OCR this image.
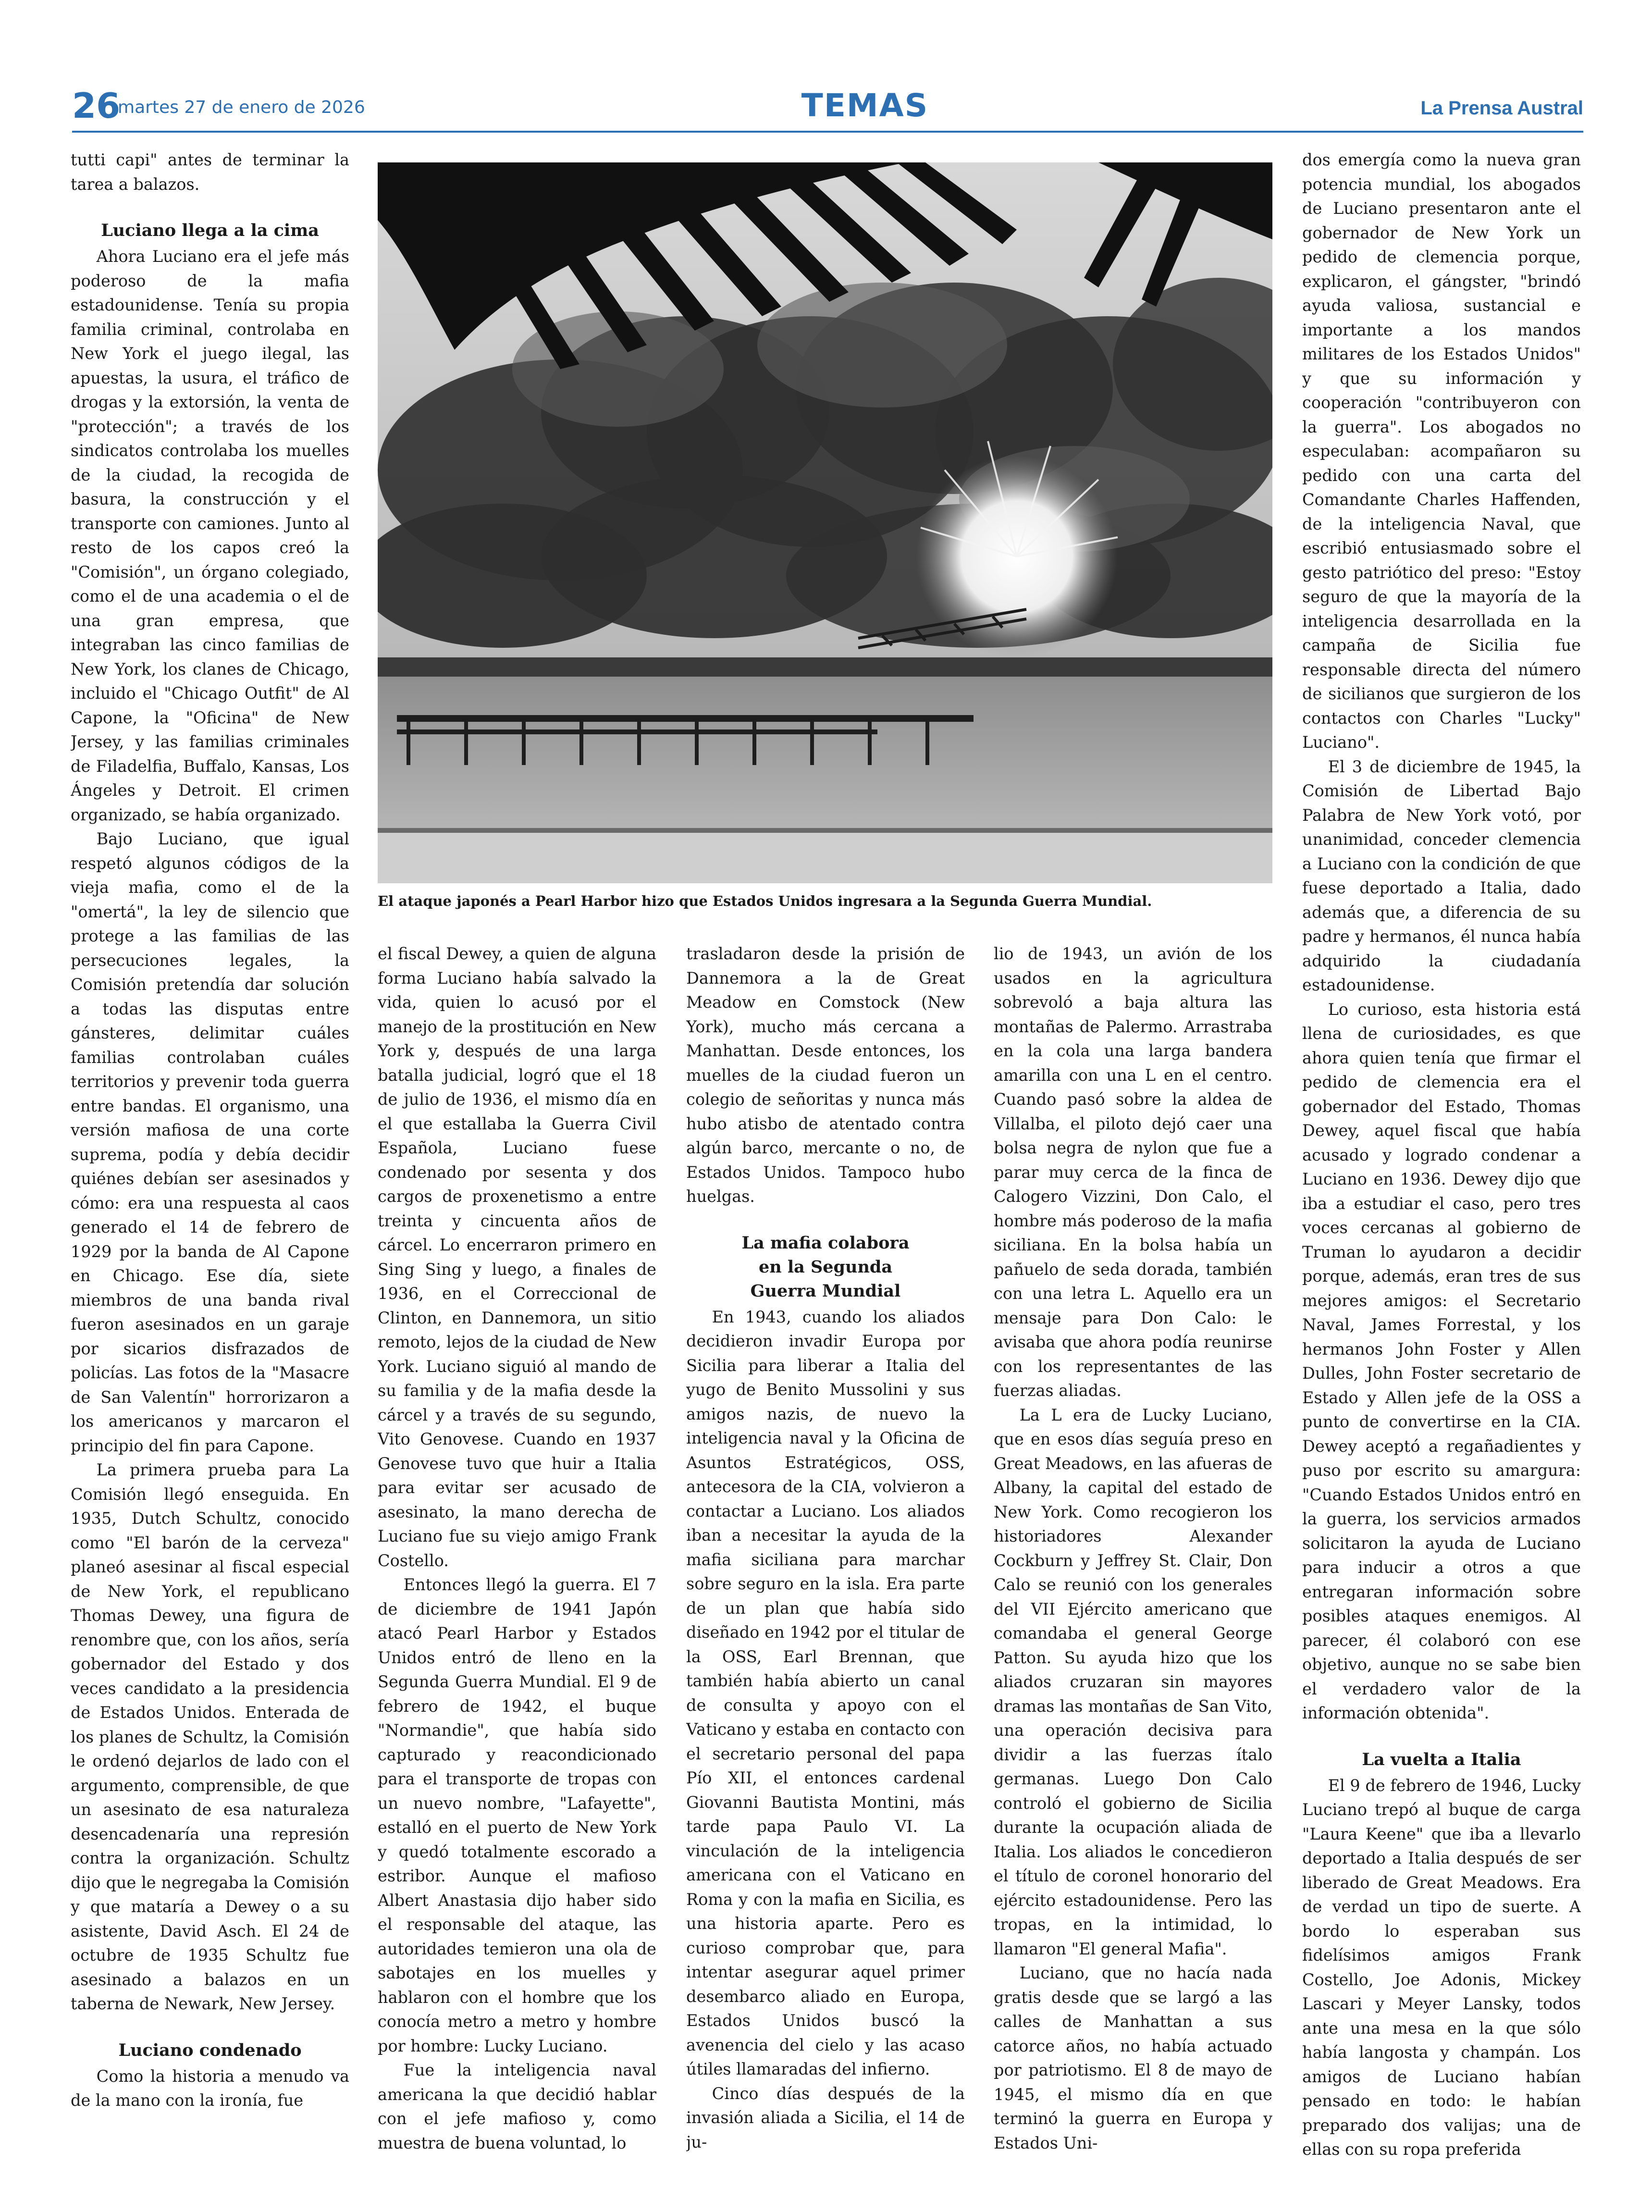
26
martes 27 de enero de 2026	TEMAS	La Prensa Austral

tutti capi" antes de terminar la tarea a balazos.

Luciano llega a la cima

Ahora Luciano era el jefe más poderoso de la mafia estadounidense. Tenía su propia familia criminal, controlaba en New York el juego ilegal, las apuestas, la usura, el tráfico de drogas y la extorsión, la venta de "protección"; a través de los sindicatos controlaba los muelles de la ciudad, la recogida de basura, la construcción y el transporte con camiones. Junto al resto de los capos creó la "Comisión", un órgano colegiado, como el de una academia o el de una gran empresa, que integraban las cinco familias de New York, los clanes de Chicago, incluido el "Chicago Outfit" de Al Capone, la "Oficina" de New Jersey, y las familias criminales de Filadelfia, Buffalo, Kansas, Los Ángeles y Detroit. El crimen organizado, se había organizado.

Bajo Luciano, que igual respetó algunos códigos de la vieja mafia, como el de la "omertá", la ley de silencio que protege a las familias de las persecuciones legales, la Comisión pretendía dar solución a todas las disputas entre gánsteres, delimitar cuáles familias controlaban cuáles territorios y prevenir toda guerra entre bandas. El organismo, una versión mafiosa de una corte suprema, podía y debía decidir quiénes debían ser asesinados y cómo: era una respuesta al caos generado el 14 de febrero de 1929 por la banda de Al Capone en Chicago. Ese día, siete miembros de una banda rival fueron asesinados en un garaje por sicarios disfrazados de policías. Las fotos de la "Masacre de San Valentín" horrorizaron a los americanos y marcaron el principio del fin para Capone.

La primera prueba para La Comisión llegó enseguida. En 1935, Dutch Schultz, conocido como "El barón de la cerveza" planeó asesinar al fiscal especial de New York, el republicano Thomas Dewey, una figura de renombre que, con los años, sería gobernador del Estado y dos veces candidato a la presidencia de Estados Unidos. Enterada de los planes de Schultz, la Comisión le ordenó dejarlos de lado con el argumento, comprensible, de que un asesinato de esa naturaleza desencadenaría una represión contra la organización. Schultz dijo que le negregaba la Comisión y que mataría a Dewey o a su asistente, David Asch. El 24 de octubre de 1935 Schultz fue asesinado a balazos en un taberna de Newark, New Jersey.

Luciano condenado

Como la historia a menudo va de la mano con la ironía, fue

El ataque japonés a Pearl Harbor hizo que Estados Unidos ingresara a la Segunda Guerra Mundial.

el fiscal Dewey, a quien de alguna forma Luciano había salvado la vida, quien lo acusó por el manejo de la prostitución en New York y, después de una larga batalla judicial, logró que el 18 de julio de 1936, el mismo día en el que estallaba la Guerra Civil Española, Luciano fuese condenado por sesenta y dos cargos de proxenetismo a entre treinta y cincuenta años de cárcel. Lo encerraron primero en Sing Sing y luego, a finales de 1936, en el Correccional de Clinton, en Dannemora, un sitio remoto, lejos de la ciudad de New York. Luciano siguió al mando de su familia y de la mafia desde la cárcel y a través de su segundo, Vito Genovese. Cuando en 1937 Genovese tuvo que huir a Italia para evitar ser acusado de asesinato, la mano derecha de Luciano fue su viejo amigo Frank Costello.

Entonces llegó la guerra. El 7 de diciembre de 1941 Japón atacó Pearl Harbor y Estados Unidos entró de lleno en la Segunda Guerra Mundial. El 9 de febrero de 1942, el buque "Normandie", que había sido capturado y reacondicionado para el transporte de tropas con un nuevo nombre, "Lafayette", estalló en el puerto de New York y quedó totalmente escorado a estribor. Aunque el mafioso Albert Anastasia dijo haber sido el responsable del ataque, las autoridades temieron una ola de sabotajes en los muelles y hablaron con el hombre que los conocía metro a metro y hombre por hombre: Lucky Luciano.

Fue la inteligencia naval americana la que decidió hablar con el jefe mafioso y, como muestra de buena voluntad, lo

trasladaron desde la prisión de Dannemora a la de Great Meadow en Comstock (New York), mucho más cercana a Manhattan. Desde entonces, los muelles de la ciudad fueron un colegio de señoritas y nunca más hubo atisbo de atentado contra algún barco, mercante o no, de Estados Unidos. Tampoco hubo huelgas.

La mafia colabora
en la Segunda
Guerra Mundial

En 1943, cuando los aliados decidieron invadir Europa por Sicilia para liberar a Italia del yugo de Benito Mussolini y sus amigos nazis, de nuevo la inteligencia naval y la Oficina de Asuntos Estratégicos, OSS, antecesora de la CIA, volvieron a contactar a Luciano. Los aliados iban a necesitar la ayuda de la mafia siciliana para marchar sobre seguro en la isla. Era parte de un plan que había sido diseñado en 1942 por el titular de la OSS, Earl Brennan, que también había abierto un canal de consulta y apoyo con el Vaticano y estaba en contacto con el secretario personal del papa Pío XII, el entonces cardenal Giovanni Bautista Montini, más tarde papa Paulo VI. La vinculación de la inteligencia americana con el Vaticano en Roma y con la mafia en Sicilia, es una historia aparte. Pero es curioso comprobar que, para intentar asegurar aquel primer desembarco aliado en Europa, Estados Unidos buscó la avenencia del cielo y las acaso útiles llamaradas del infierno.

Cinco días después de la invasión aliada a Sicilia, el 14 de ju-

lio de 1943, un avión de los usados en la agricultura sobrevoló a baja altura las montañas de Palermo. Arrastraba en la cola una larga bandera amarilla con una L en el centro. Cuando pasó sobre la aldea de Villalba, el piloto dejó caer una bolsa negra de nylon que fue a parar muy cerca de la finca de Calogero Vizzini, Don Calo, el hombre más poderoso de la mafia siciliana. En la bolsa había un pañuelo de seda dorada, también con una letra L. Aquello era un mensaje para Don Calo: le avisaba que ahora podía reunirse con los representantes de las fuerzas aliadas.

La L era de Lucky Luciano, que en esos días seguía preso en Great Meadows, en las afueras de Albany, la capital del estado de New York. Como recogieron los historiadores Alexander Cockburn y Jeffrey St. Clair, Don Calo se reunió con los generales del VII Ejército americano que comandaba el general George Patton. Su ayuda hizo que los aliados cruzaran sin mayores dramas las montañas de San Vito, una operación decisiva para dividir a las fuerzas ítalo germanas. Luego Don Calo controló el gobierno de Sicilia durante la ocupación aliada de Italia. Los aliados le concedieron el título de coronel honorario del ejército estadounidense. Pero las tropas, en la intimidad, lo llamaron "El general Mafia".

Luciano, que no hacía nada gratis desde que se largó a las calles de Manhattan a sus catorce años, no había actuado por patriotismo. El 8 de mayo de 1945, el mismo día en que terminó la guerra en Europa y Estados Uni-

dos emergía como la nueva gran potencia mundial, los abogados de Luciano presentaron ante el gobernador de New York un pedido de clemencia porque, explicaron, el gángster, "brindó ayuda valiosa, sustancial e importante a los mandos militares de los Estados Unidos" y que su información y cooperación "contribuyeron con la guerra". Los abogados no especulaban: acompañaron su pedido con una carta del Comandante Charles Haffenden, de la inteligencia Naval, que escribió entusiasmado sobre el gesto patriótico del preso: "Estoy seguro de que la mayoría de la inteligencia desarrollada en la campaña de Sicilia fue responsable directa del número de sicilianos que surgieron de los contactos con Charles "Lucky" Luciano".

El 3 de diciembre de 1945, la Comisión de Libertad Bajo Palabra de New York votó, por unanimidad, conceder clemencia a Luciano con la condición de que fuese deportado a Italia, dado además que, a diferencia de su padre y hermanos, él nunca había adquirido la ciudadanía estadounidense.

Lo curioso, esta historia está llena de curiosidades, es que ahora quien tenía que firmar el pedido de clemencia era el gobernador del Estado, Thomas Dewey, aquel fiscal que había acusado y logrado condenar a Luciano en 1936. Dewey dijo que iba a estudiar el caso, pero tres voces cercanas al gobierno de Truman lo ayudaron a decidir porque, además, eran tres de sus mejores amigos: el Secretario Naval, James Forrestal, y los hermanos John Foster y Allen Dulles, John Foster secretario de Estado y Allen jefe de la OSS a punto de convertirse en la CIA. Dewey aceptó a regañadientes y puso por escrito su amargura: "Cuando Estados Unidos entró en la guerra, los servicios armados solicitaron la ayuda de Luciano para inducir a otros a que entregaran información sobre posibles ataques enemigos. Al parecer, él colaboró con ese objetivo, aunque no se sabe bien el verdadero valor de la información obtenida".

La vuelta a Italia

El 9 de febrero de 1946, Lucky Luciano trepó al buque de carga "Laura Keene" que iba a llevarlo deportado a Italia después de ser liberado de Great Meadows. Era de verdad un tipo de suerte. A bordo lo esperaban sus fidelísimos amigos Frank Costello, Joe Adonis, Mickey Lascari y Meyer Lansky, todos ante una mesa en la que sólo había langosta y champán. Los amigos de Luciano habían pensado en todo: le habían preparado dos valijas; una de ellas con su ropa preferida
